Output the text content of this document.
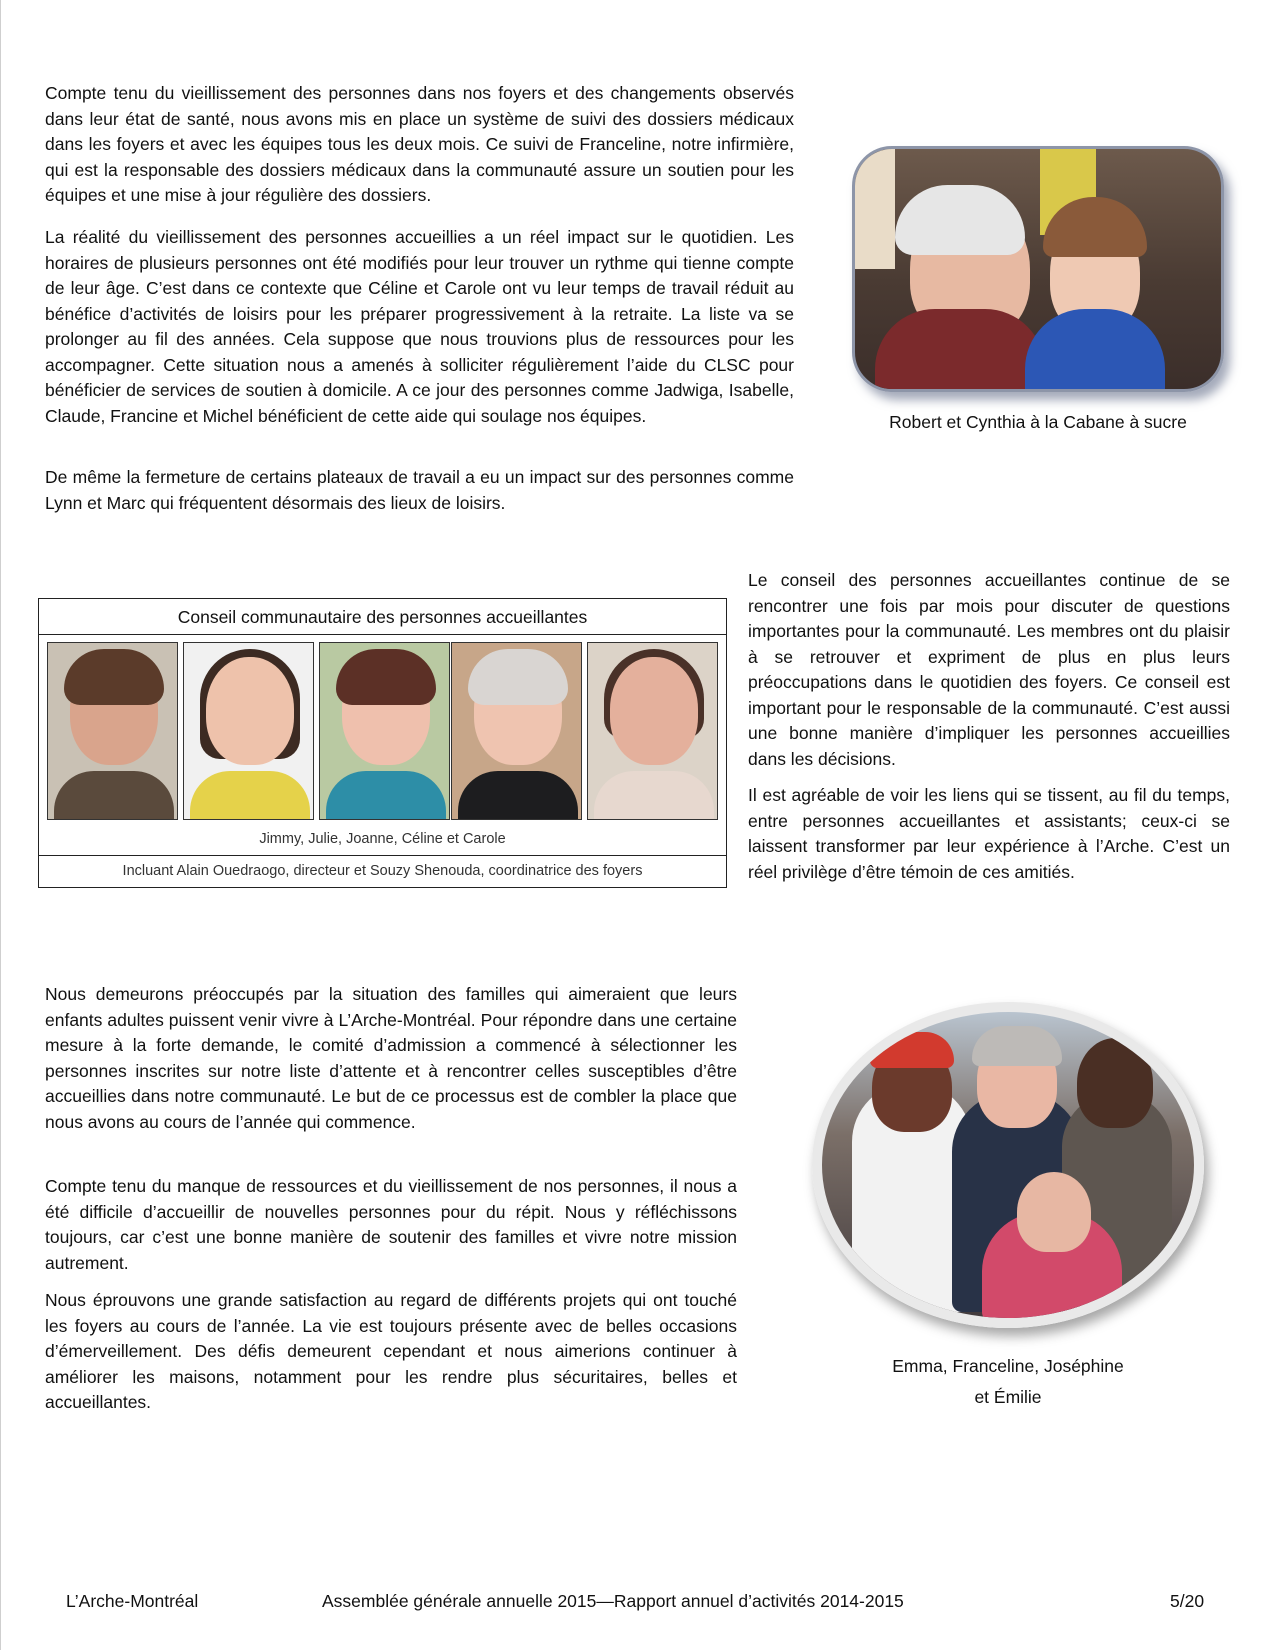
Compte tenu du vieillissement des personnes dans nos foyers et des changements observés dans leur état de santé, nous avons mis en place un système de suivi des dossiers médicaux dans les foyers et avec les équipes tous les deux mois. Ce suivi de Franceline, notre infirmière, qui est la responsable des dossiers médicaux dans la communauté assure un soutien pour les équipes et une mise à jour régulière des dossiers.

La réalité du vieillissement des personnes accueillies a un réel impact sur le quotidien. Les horaires de plusieurs personnes ont été modifiés pour leur trouver un rythme qui tienne compte de leur âge. C’est dans ce contexte que Céline et Carole ont vu leur temps de travail réduit au bénéfice d’activités de loisirs pour les préparer progressivement à la retraite. La liste va se prolonger au fil des années. Cela suppose que nous trouvions plus de ressources pour les accompagner. Cette situation nous a amenés à solliciter régulièrement l’aide du CLSC pour bénéficier de services de soutien à domicile. A ce jour des personnes comme Jadwiga, Isabelle, Claude, Francine et Michel bénéficient de cette aide qui soulage nos équipes.

De même la fermeture de certains plateaux de travail a eu un impact sur des personnes comme Lynn et Marc qui fréquentent désormais des lieux de loisirs.

Robert et Cynthia à la Cabane à sucre
Conseil communautaire des personnes accueillantes
Jimmy, Julie, Joanne, Céline et Carole
Incluant Alain Ouedraogo, directeur et Souzy Shenouda, coordinatrice des foyers

Le conseil des personnes accueillantes continue de se rencontrer une fois par mois pour discuter de questions importantes pour la communauté. Les membres ont du plaisir à se retrouver et expriment de plus en plus leurs préoccupations dans le quotidien des foyers. Ce conseil est important pour le responsable de la communauté. C’est aussi une bonne manière d’impliquer les personnes accueillies dans les décisions.

Il est agréable de voir les liens qui se tissent, au fil du temps, entre personnes accueillantes et assistants; ceux-ci se laissent transformer par leur expérience à l’Arche. C’est un réel privilège d’être témoin de ces amitiés.

Nous demeurons préoccupés par la situation des familles qui aimeraient que leurs enfants adultes puissent venir vivre à L’Arche-Montréal. Pour répondre dans une certaine mesure à la forte demande, le comité d’admission a commencé à sélectionner les personnes inscrites sur notre liste d’attente et à rencontrer celles susceptibles d’être accueillies dans notre communauté. Le but de ce processus est de combler la place que nous avons au cours de l’année qui commence.

Compte tenu du manque de ressources et du vieillissement de nos personnes, il nous a été difficile d’accueillir de nouvelles personnes pour du répit. Nous y réfléchissons toujours, car c’est une bonne manière de soutenir des familles et vivre notre mission autrement.

Nous éprouvons une grande satisfaction au regard de différents projets qui ont touché les foyers au cours de l’année. La vie est toujours présente avec de belles occasions d’émerveillement. Des défis demeurent cependant et nous aimerions continuer à améliorer les maisons, notamment pour les rendre plus sécuritaires, belles et accueillantes.

Emma, Franceline, Joséphine
et Émilie
L’Arche-Montréal	Assemblée générale annuelle 2015—Rapport annuel d’activités 2014-2015	5/20
